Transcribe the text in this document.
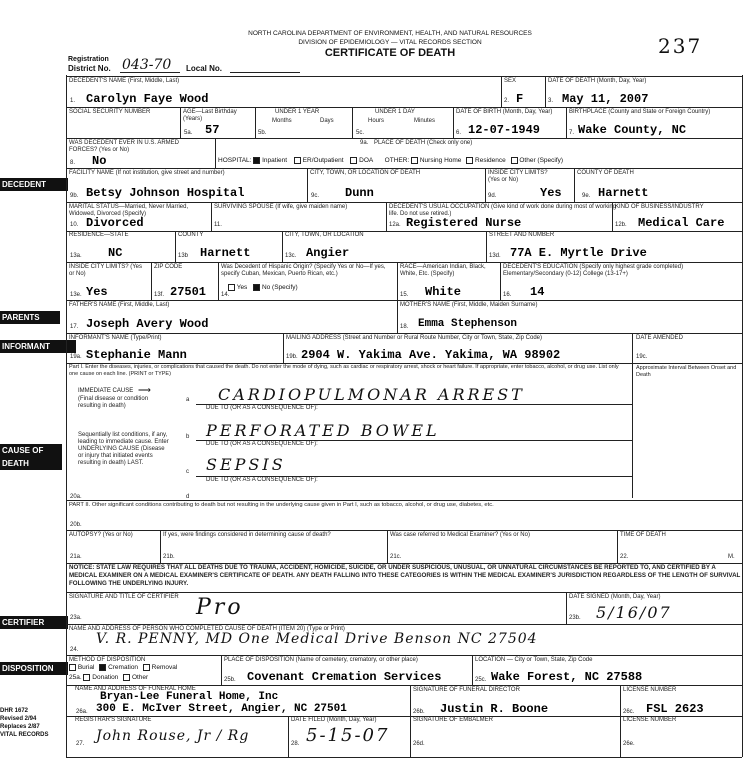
NORTH CAROLINA DEPARTMENT OF ENVIRONMENT, HEALTH, AND NATURAL RESOURCES
DIVISION OF EPIDEMIOLOGY — VITAL RECORDS SECTION
CERTIFICATE OF DEATH	237
Registration
District No. 043-70 Local No.
DECEDENT
PARENTS
INFORMANT
CAUSE OF
DEATH
CERTIFIER
DISPOSITION
DHR 1672
Revised 2/94
Replaces 2/87
VITAL RECORDS
DECEDENT'S NAME (First, Middle, Last)	SEX	DATE OF DEATH (Month, Day, Year)
1. Carolyn Faye Wood	2. F	3. May 11, 2007
SOCIAL SECURITY NUMBER	AGE—Last Birthday (Years)
UNDER 1 YEAR
Months	Days
UNDER 1 DAY
Hours	Minutes
DATE OF BIRTH (Month, Day, Year)	BIRTHPLACE (County and State or Foreign Country)
5a. 57	5b.	5c.	6. 12-07-1949	7. Wake County, NC
WAS DECEDENT EVER IN U.S. ARMED FORCES? (Yes or No)
9a. PLACE OF DEATH (Check only one)
8. No	HOSPITAL: Inpatient ER/Outpatient DOA OTHER: Nursing Home Residence Other (Specify)
FACILITY NAME (If not institution, give street and number)	CITY, TOWN, OR LOCATION OF DEATH	INSIDE CITY LIMITS? (Yes or No)
COUNTY OF DEATH
9b. Betsy Johnson Hospital	9c. Dunn	9d.	Yes	9e. Harnett
MARITAL STATUS—Married, Never Married, Widowed, Divorced (Specify)
SURVIVING SPOUSE (If wife, give maiden name)	DECEDENT'S USUAL OCCUPATION (Give kind of work done during most of working life. Do not use retired.)
KIND OF BUSINESS/INDUSTRY
10. Divorced	11.	12a. Registered Nurse	12b. Medical Care
RESIDENCE—STATE	COUNTY	CITY, TOWN, OR LOCATION	STREET AND NUMBER
13a. NC	13b Harnett	13c. Angier	13d. 77A E. Myrtle Drive
INSIDE CITY LIMITS? (Yes or No)
ZIP CODE	Was Decedent of Hispanic Origin? (Specify Yes or No—If yes, specify Cuban, Mexican, Puerto Rican, etc.)
Yes No (Specify)
RACE—American Indian, Black, White, Etc. (Specify)
DECEDENT'S EDUCATION (Specify only highest grade completed) Elementary/Secondary (0-12) College (13-17+)
13e. Yes	13f. 27501 14.	15. White	16. 14
FATHER'S NAME (First, Middle, Last)	MOTHER'S NAME (First, Middle, Maiden Surname)
17. Joseph Avery Wood	18. Emma Stephenson
INFORMANT'S NAME (Type/Print)	MAILING ADDRESS (Street and Number or Rural Route Number, City or Town, State, Zip Code)	DATE AMENDED
19a. Stephanie Mann	19b. 2904 W. Yakima Ave. Yakima, WA 98902	19c.
Part I. Enter the diseases, injuries, or complications that caused the death. Do not enter the mode of dying, such as cardiac or respiratory arrest, shock or heart failure. If appropriate, enter tobacco, alcohol, or drug use. List only one cause on each line. (PRINT or TYPE)
Approximate Interval Between Onset and Death
IMMEDIATE CAUSE ⟶
(Final disease or condition resulting in death)
a CARDIOPULMONAR ARREST
DUE TO (OR AS A CONSEQUENCE OF):
Sequentially list conditions, if any, leading to immediate cause. Enter UNDERLYING CAUSE (Disease or injury that initiated events resulting in death) LAST.
b PERFORATED BOWEL
DUE TO (OR AS A CONSEQUENCE OF):
c SEPSIS
DUE TO (OR AS A CONSEQUENCE OF):
20a.	d
PART II. Other significant conditions contributing to death but not resulting in the underlying cause given in Part I, such as tobacco, alcohol, or drug use, diabetes, etc.
20b.
AUTOPSY? (Yes or No)	If yes, were findings considered in determining cause of death?	Was case referred to Medical Examiner? (Yes or No)	TIME OF DEATH
21a.	21b.	21c.	22.	M.
NOTICE: STATE LAW REQUIRES THAT ALL DEATHS DUE TO TRAUMA, ACCIDENT, HOMICIDE, SUICIDE, OR UNDER SUSPICIOUS, UNUSUAL, OR UNNATURAL CIRCUMSTANCES BE REPORTED TO, AND CERTIFIED BY A MEDICAL EXAMINER ON A MEDICAL EXAMINER'S CERTIFICATE OF DEATH. ANY DEATH FALLING INTO THESE CATEGORIES IS WITHIN THE MEDICAL EXAMINER'S JURISDICTION REGARDLESS OF THE LENGTH OF SURVIVAL FOLLOWING THE UNDERLYING INJURY.
SIGNATURE AND TITLE OF CERTIFIER Pro	DATE SIGNED (Month, Day, Year)
23a.	23b. 5/16/07
NAME AND ADDRESS OF PERSON WHO COMPLETED CAUSE OF DEATH (ITEM 20) (Type or Print)
24.
V. R. PENNY, MD One Medical Drive Benson NC 27504
METHOD OF DISPOSITION
Burial Cremation Removal
25a. Donation Other
PLACE OF DISPOSITION (Name of cemetery, crematory, or other place)
25b. Covenant Cremation Services
LOCATION — City or Town, State, Zip Code
25c. Wake Forest, NC 27588
NAME AND ADDRESS OF FUNERAL HOME
Bryan-Lee Funeral Home, Inc
26a. 300 E. McIver Street, Angier, NC 27501
SIGNATURE OF FUNERAL DIRECTOR
26b. Justin R. Boone
LICENSE NUMBER
26c. FSL 2623
REGISTRAR'S SIGNATURE
27. John Rouse, Jr / Rg
DATE FILED (Month, Day, Year)
28. 5-15-07
SIGNATURE OF EMBALMER
26d.
LICENSE NUMBER
26e.
